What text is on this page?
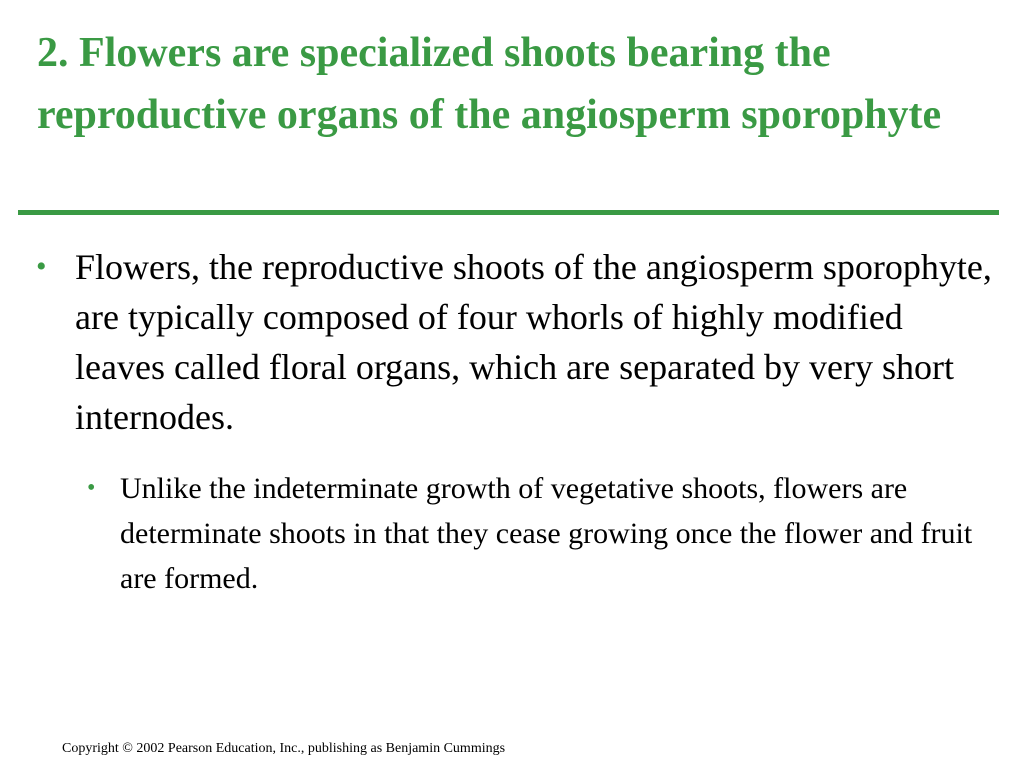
2. Flowers are specialized shoots bearing the reproductive organs of the angiosperm sporophyte
• Flowers, the reproductive shoots of the angiosperm sporophyte, are typically composed of four whorls of highly modified leaves called floral organs, which are separated by very short internodes.
• Unlike the indeterminate growth of vegetative shoots, flowers are determinate shoots in that they cease growing once the flower and fruit are formed.
Copyright © 2002 Pearson Education, Inc., publishing as Benjamin Cummings
